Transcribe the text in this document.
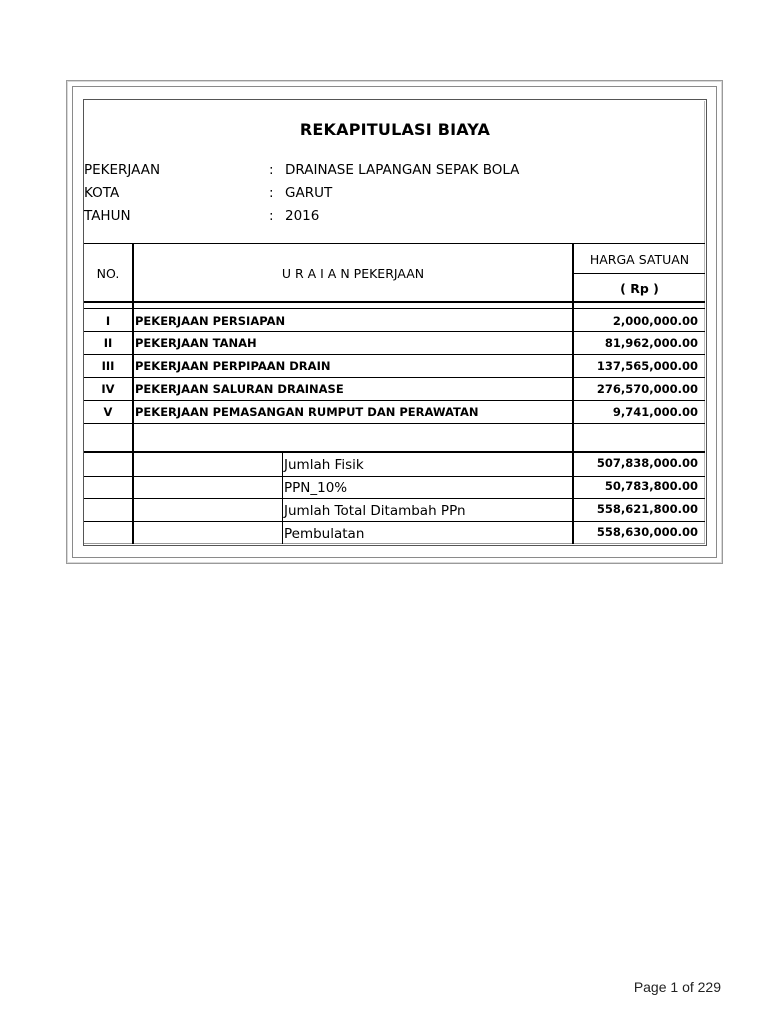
REKAPITULASI BIAYA
PEKERJAAN	: DRAINASE LAPANGAN SEPAK BOLA
KOTA	: GARUT
TAHUN	: 2016
NO.	U R A I A N PEKERJAAN
HARGA SATUAN
( Rp )
I	PEKERJAAN PERSIAPAN	2,000,000.00
II	PEKERJAAN TANAH	81,962,000.00
III	PEKERJAAN PERPIPAAN DRAIN	137,565,000.00
IV	PEKERJAAN SALURAN DRAINASE	276,570,000.00
V	PEKERJAAN PEMASANGAN RUMPUT DAN PERAWATAN	9,741,000.00
Jumlah Fisik	507,838,000.00
PPN_10%	50,783,800.00
Jumlah Total Ditambah PPn	558,621,800.00
Pembulatan	558,630,000.00
Page 1 of 229
